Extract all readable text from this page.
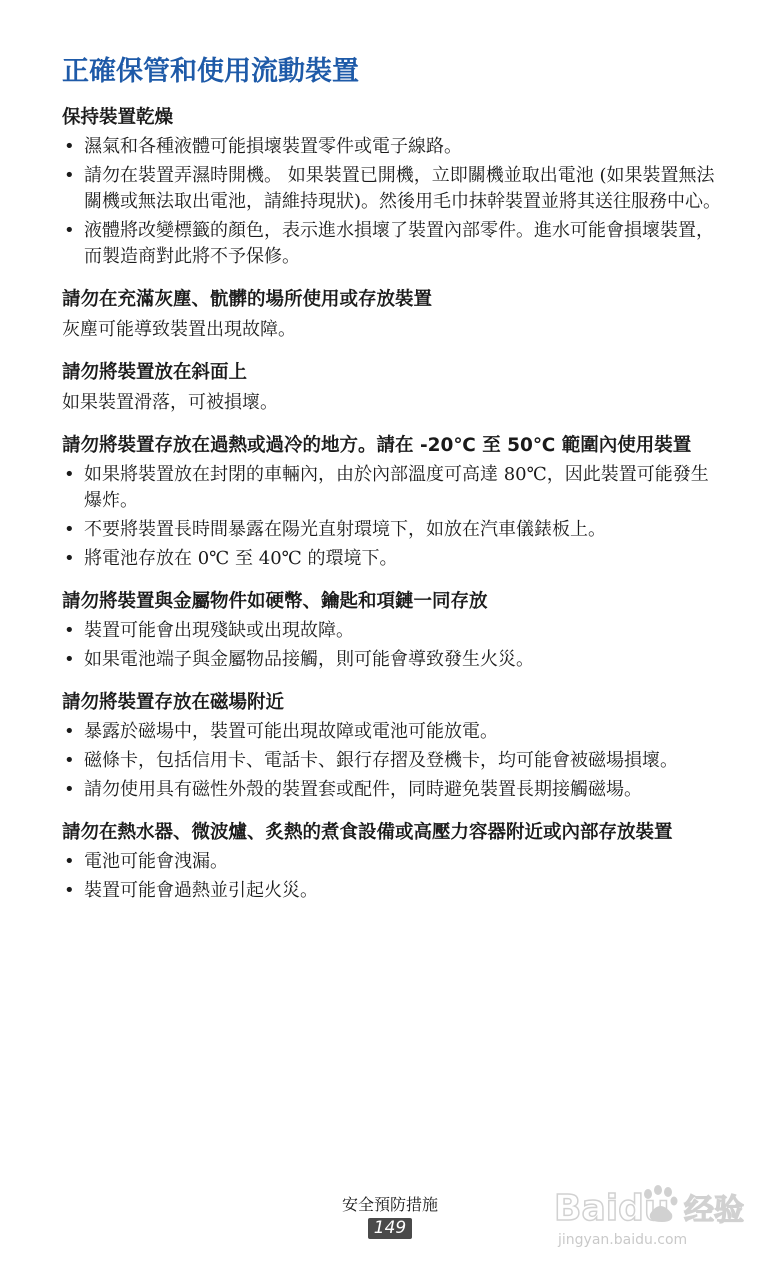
正確保管和使用流動裝置
保持裝置乾燥
• 濕氣和各種液體可能損壞裝置零件或電子線路。
• 請勿在裝置弄濕時開機。 如果裝置已開機，立即關機並取出電池 (如果裝置無法關機或無法取出電池，請維持現狀)。然後用毛巾抹幹裝置並將其送往服務中心。
• 液體將改變標籤的顏色，表示進水損壞了裝置內部零件。進水可能會損壞裝置，而製造商對此將不予保修。
請勿在充滿灰塵、骯髒的場所使用或存放裝置

灰塵可能導致裝置出現故障。

請勿將裝置放在斜面上

如果裝置滑落，可被損壞。

請勿將裝置存放在過熱或過冷的地方。請在 -20℃ 至 50℃ 範圍內使用裝置
• 如果將裝置放在封閉的車輛內，由於內部溫度可高達 80℃，因此裝置可能發生爆炸。
• 不要將裝置長時間暴露在陽光直射環境下，如放在汽車儀錶板上。
• 將電池存放在 0℃ 至 40℃ 的環境下。
請勿將裝置與金屬物件如硬幣、鑰匙和項鏈一同存放
• 裝置可能會出現殘缺或出現故障。
• 如果電池端子與金屬物品接觸，則可能會導致發生火災。
請勿將裝置存放在磁場附近
• 暴露於磁場中，裝置可能出現故障或電池可能放電。
• 磁條卡，包括信用卡、電話卡、銀行存摺及登機卡，均可能會被磁場損壞。
• 請勿使用具有磁性外殼的裝置套或配件，同時避免裝置長期接觸磁場。
請勿在熱水器、微波爐、炙熱的煮食設備或高壓力容器附近或內部存放裝置
• 電池可能會洩漏。
• 裝置可能會過熱並引起火災。
安全預防措施
149	Baidu 经验
jingyan.baidu.com
